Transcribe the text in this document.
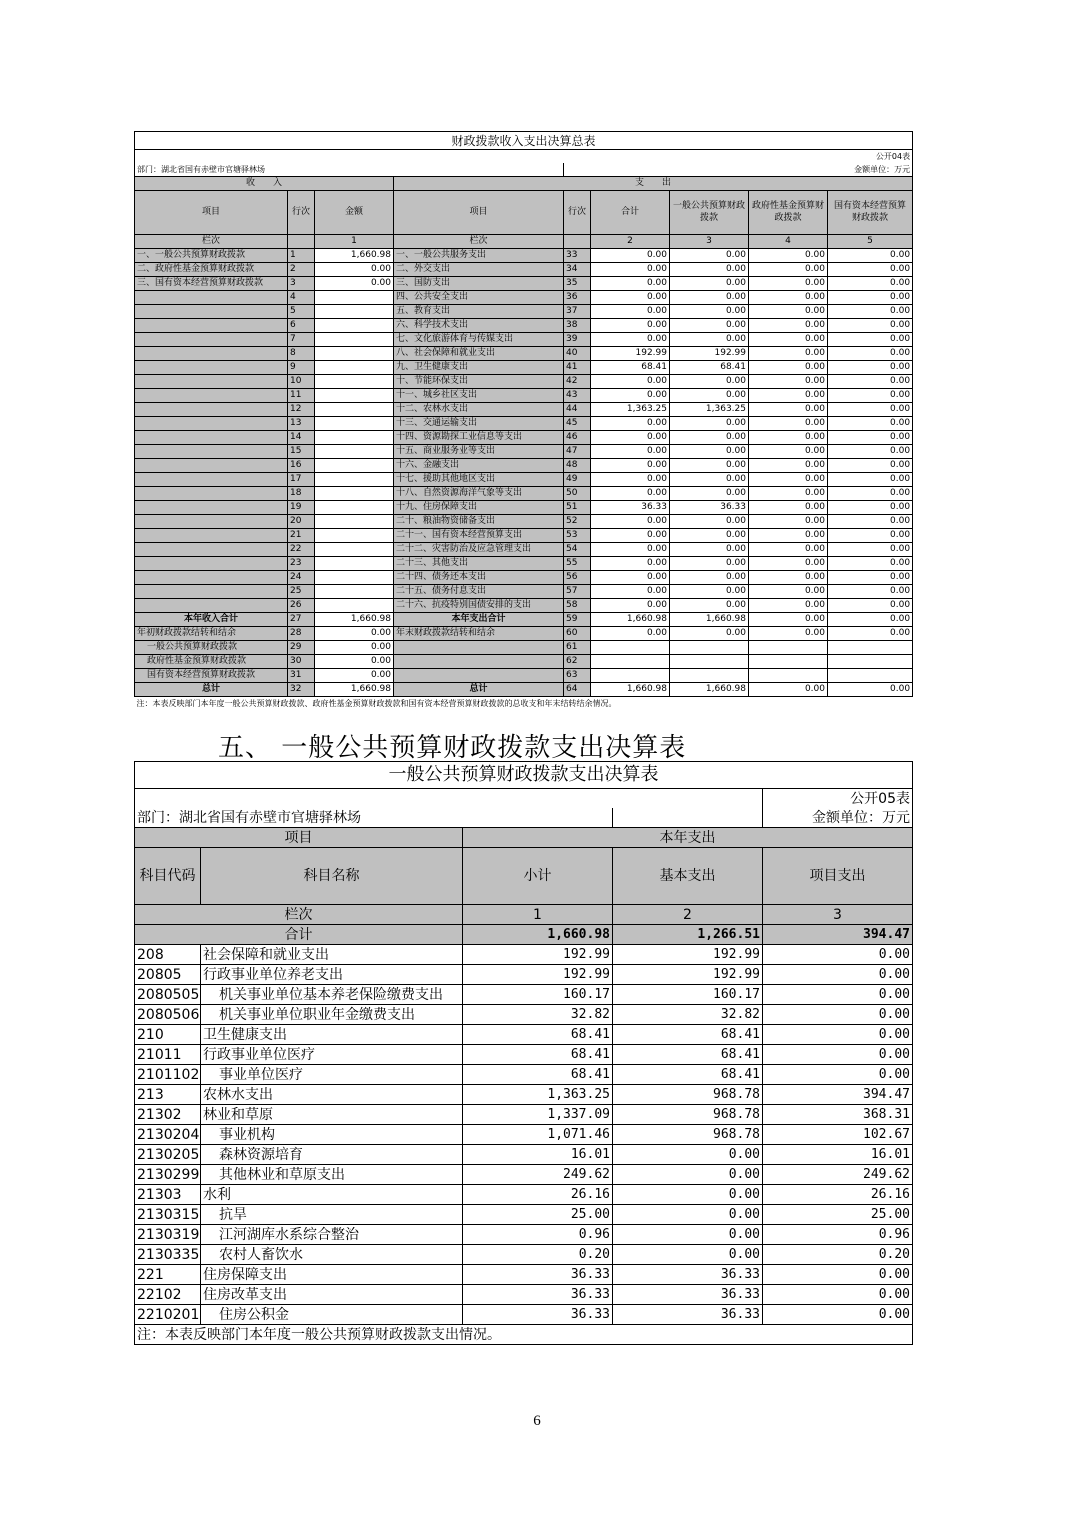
财政拨款收入支出决算总表								
公开04表								
部门：湖北省国有赤壁市官塘驿林场				金额单位：万元				
收　　入			支　　出					
项目	行次	金额	项目	行次	合计	一般公共预算财政拨款	政府性基金预算财政拨款	国有资本经营预算财政拨款
栏次		1	栏次		2	3	4	5
一、一般公共预算财政拨款	1	1,660.98	一、一般公共服务支出	33	0.00	0.00	0.00	0.00
二、政府性基金预算财政拨款	2	0.00	二、外交支出	34	0.00	0.00	0.00	0.00
三、国有资本经营预算财政拨款	3	0.00	三、国防支出	35	0.00	0.00	0.00	0.00
	4		四、公共安全支出	36	0.00	0.00	0.00	0.00
	5		五、教育支出	37	0.00	0.00	0.00	0.00
	6		六、科学技术支出	38	0.00	0.00	0.00	0.00
	7		七、文化旅游体育与传媒支出	39	0.00	0.00	0.00	0.00
	8		八、社会保障和就业支出	40	192.99	192.99	0.00	0.00
	9		九、卫生健康支出	41	68.41	68.41	0.00	0.00
	10		十、节能环保支出	42	0.00	0.00	0.00	0.00
	11		十一、城乡社区支出	43	0.00	0.00	0.00	0.00
	12		十二、农林水支出	44	1,363.25	1,363.25	0.00	0.00
	13		十三、交通运输支出	45	0.00	0.00	0.00	0.00
	14		十四、资源勘探工业信息等支出	46	0.00	0.00	0.00	0.00
	15		十五、商业服务业等支出	47	0.00	0.00	0.00	0.00
	16		十六、金融支出	48	0.00	0.00	0.00	0.00
	17		十七、援助其他地区支出	49	0.00	0.00	0.00	0.00
	18		十八、自然资源海洋气象等支出	50	0.00	0.00	0.00	0.00
	19		十九、住房保障支出	51	36.33	36.33	0.00	0.00
	20		二十、粮油物资储备支出	52	0.00	0.00	0.00	0.00
	21		二十一、国有资本经营预算支出	53	0.00	0.00	0.00	0.00
	22		二十二、灾害防治及应急管理支出	54	0.00	0.00	0.00	0.00
	23		二十三、其他支出	55	0.00	0.00	0.00	0.00
	24		二十四、债务还本支出	56	0.00	0.00	0.00	0.00
	25		二十五、债务付息支出	57	0.00	0.00	0.00	0.00
	26		二十六、抗疫特别国债安排的支出	58	0.00	0.00	0.00	0.00
本年收入合计	27	1,660.98	本年支出合计	59	1,660.98	1,660.98	0.00	0.00
年初财政拨款结转和结余	28	0.00	年末财政拨款结转和结余	60	0.00	0.00	0.00	0.00
一般公共预算财政拨款	29	0.00		61				
政府性基金预算财政拨款	30	0.00		62				
国有资本经营预算财政拨款	31	0.00		63				
总计	32	1,660.98	总计	64	1,660.98	1,660.98	0.00	0.00
注：本表反映部门本年度一般公共预算财政拨款、政府性基金预算财政拨款和国有资本经营预算财政拨款的总收支和年末结转结余情况。								
五、 一般公共预算财政拨款支出决算表
一般公共预算财政拨款支出决算表				
				公开05表
部门：湖北省国有赤壁市官塘驿林场				金额单位：万元
项目		本年支出		
科目代码	科目名称	小计	基本支出	项目支出
栏次		1	2	3
合计		1,660.98	1,266.51	394.47
208	社会保障和就业支出	192.99	192.99	0.00
20805	行政事业单位养老支出	192.99	192.99	0.00
2080505	机关事业单位基本养老保险缴费支出	160.17	160.17	0.00
2080506	机关事业单位职业年金缴费支出	32.82	32.82	0.00
210	卫生健康支出	68.41	68.41	0.00
21011	行政事业单位医疗	68.41	68.41	0.00
2101102	事业单位医疗	68.41	68.41	0.00
213	农林水支出	1,363.25	968.78	394.47
21302	林业和草原	1,337.09	968.78	368.31
2130204	事业机构	1,071.46	968.78	102.67
2130205	森林资源培育	16.01	0.00	16.01
2130299	其他林业和草原支出	249.62	0.00	249.62
21303	水利	26.16	0.00	26.16
2130315	抗旱	25.00	0.00	25.00
2130319	江河湖库水系综合整治	0.96	0.00	0.96
2130335	农村人畜饮水	0.20	0.00	0.20
221	住房保障支出	36.33	36.33	0.00
22102	住房改革支出	36.33	36.33	0.00
2210201	住房公积金	36.33	36.33	0.00
注：本表反映部门本年度一般公共预算财政拨款支出情况。				
6
